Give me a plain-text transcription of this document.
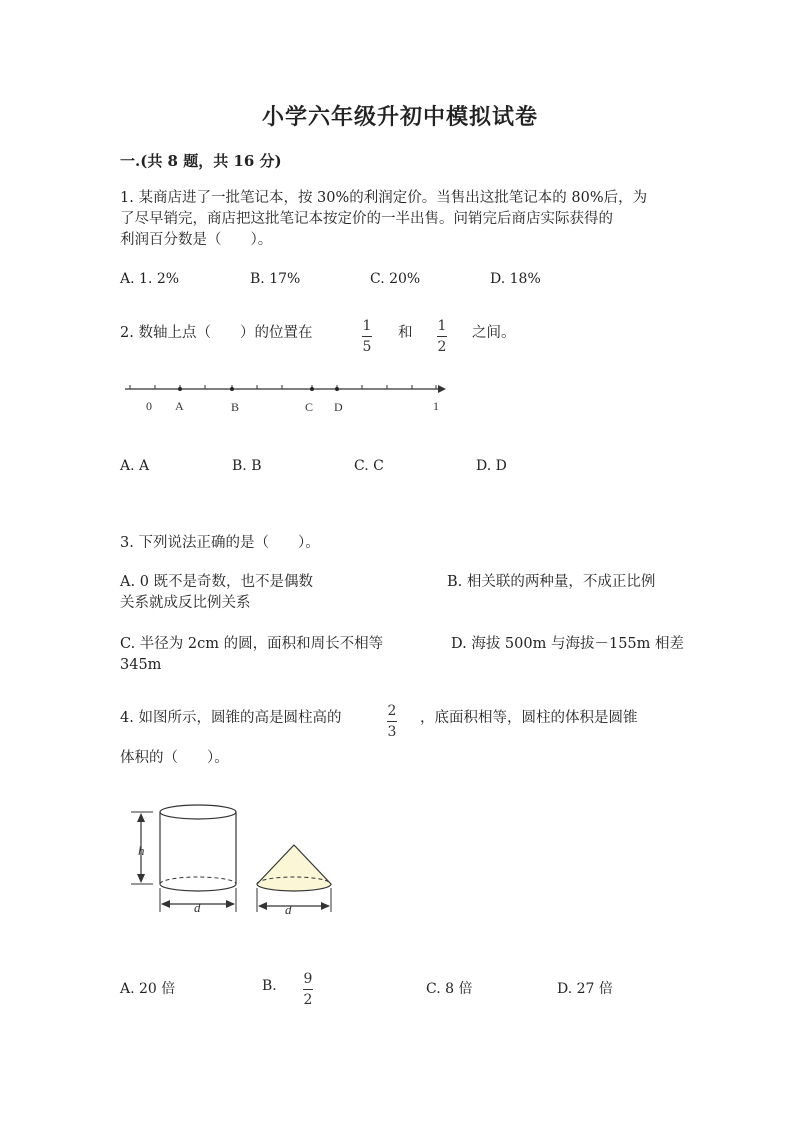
小学六年级升初中模拟试卷
一.(共 8 题，共 16 分)
1. 某商店进了一批笔记本，按 30%的利润定价。当售出这批笔记本的 80%后，为
了尽早销完，商店把这批笔记本按定价的一半出售。问销完后商店实际获得的
利润百分数是（　　）。
A. 1. 2%	B. 17%	C. 20%	D. 18%
2. 数轴上点（　　）的位置在	1
5
和 1
2
之间。
0 A	B	C D	1
A. A	B. B	C. C	D. D
3. 下列说法正确的是（　　）。
A. 0 既不是奇数，也不是偶数	B. 相关联的两种量，不成正比例
关系就成反比例关系
C. 半径为 2cm 的圆，面积和周长不相等	D. 海拔 500m 与海拔－155m 相差
345m
4. 如图所示，圆锥的高是圆柱高的	2
3
，底面积相等，圆柱的体积是圆锥
体积的（　　）。
h
d	d
A. 20 倍	B. 9
2
C. 8 倍	D. 27 倍
